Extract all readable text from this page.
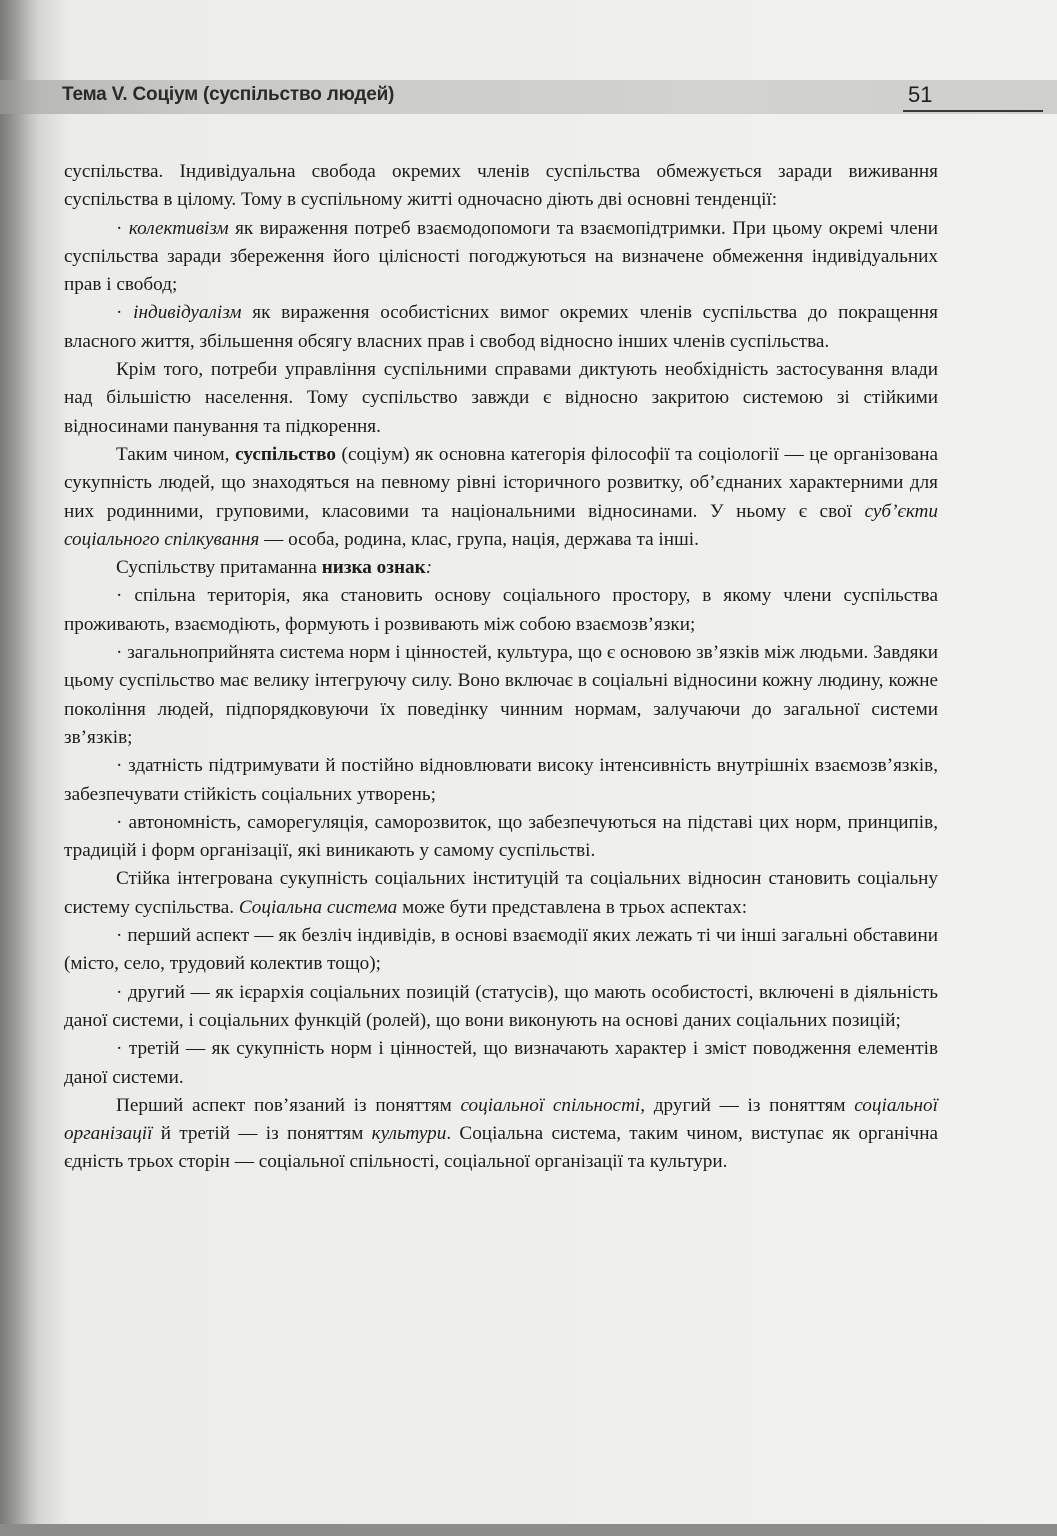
Тема V. Соціум (суспільство людей)	51

суспільства. Індивідуальна свобода окремих членів суспільства обмежується заради виживання суспільства в цілому. Тому в суспільному житті одночасно діють дві основні тенденції:

· колективізм як вираження потреб взаємодопомоги та взаємопідтримки. При цьому окремі члени суспільства заради збереження його цілісності погоджуються на визначене обмеження індивідуальних прав і свобод;

· індивідуалізм як вираження особистісних вимог окремих членів суспільства до покращення власного життя, збільшення обсягу власних прав і свобод відносно інших членів суспільства.

Крім того, потреби управління суспільними справами диктують необхідність застосування влади над більшістю населення. Тому суспільство завжди є відносно закритою системою зі стійкими відносинами панування та підкорення.

Таким чином, суспільство (соціум) як основна категорія філософії та соціології — це організована сукупність людей, що знаходяться на певному рівні історичного розвитку, об’єднаних характерними для них родинними, груповими, класовими та національними відносинами. У ньому є свої суб’єкти соціального спілкування — особа, родина, клас, група, нація, держава та інші.

Суспільству притаманна низка ознак:

· спільна територія, яка становить основу соціального простору, в якому члени суспільства проживають, взаємодіють, формують і розвивають між собою взаємозв’язки;

· загальноприйнята система норм і цінностей, культура, що є основою зв’язків між людьми. Завдяки цьому суспільство має велику інтегруючу силу. Воно включає в соціальні відносини кожну людину, кожне покоління людей, підпорядковуючи їх поведінку чинним нормам, залучаючи до загальної системи зв’язків;

· здатність підтримувати й постійно відновлювати високу інтенсивність внутрішніх взаємозв’язків, забезпечувати стійкість соціальних утворень;

· автономність, саморегуляція, саморозвиток, що забезпечуються на підставі цих норм, принципів, традицій і форм організації, які виникають у самому суспільстві.

Стійка інтегрована сукупність соціальних інституцій та соціальних відносин становить соціальну систему суспільства. Соціальна система може бути представлена в трьох аспектах:

· перший аспект — як безліч індивідів, в основі взаємодії яких лежать ті чи інші загальні обставини (місто, село, трудовий колектив тощо);

· другий — як ієрархія соціальних позицій (статусів), що мають особистості, включені в діяльність даної системи, і соціальних функцій (ролей), що вони виконують на основі даних соціальних позицій;

· третій — як сукупність норм і цінностей, що визначають характер і зміст поводження елементів даної системи.

Перший аспект пов’язаний із поняттям соціальної спільності, другий — із поняттям соціальної організації й третій — із поняттям культури. Соціальна система, таким чином, виступає як органічна єдність трьох сторін — соціальної спільності, соціальної організації та культури.
